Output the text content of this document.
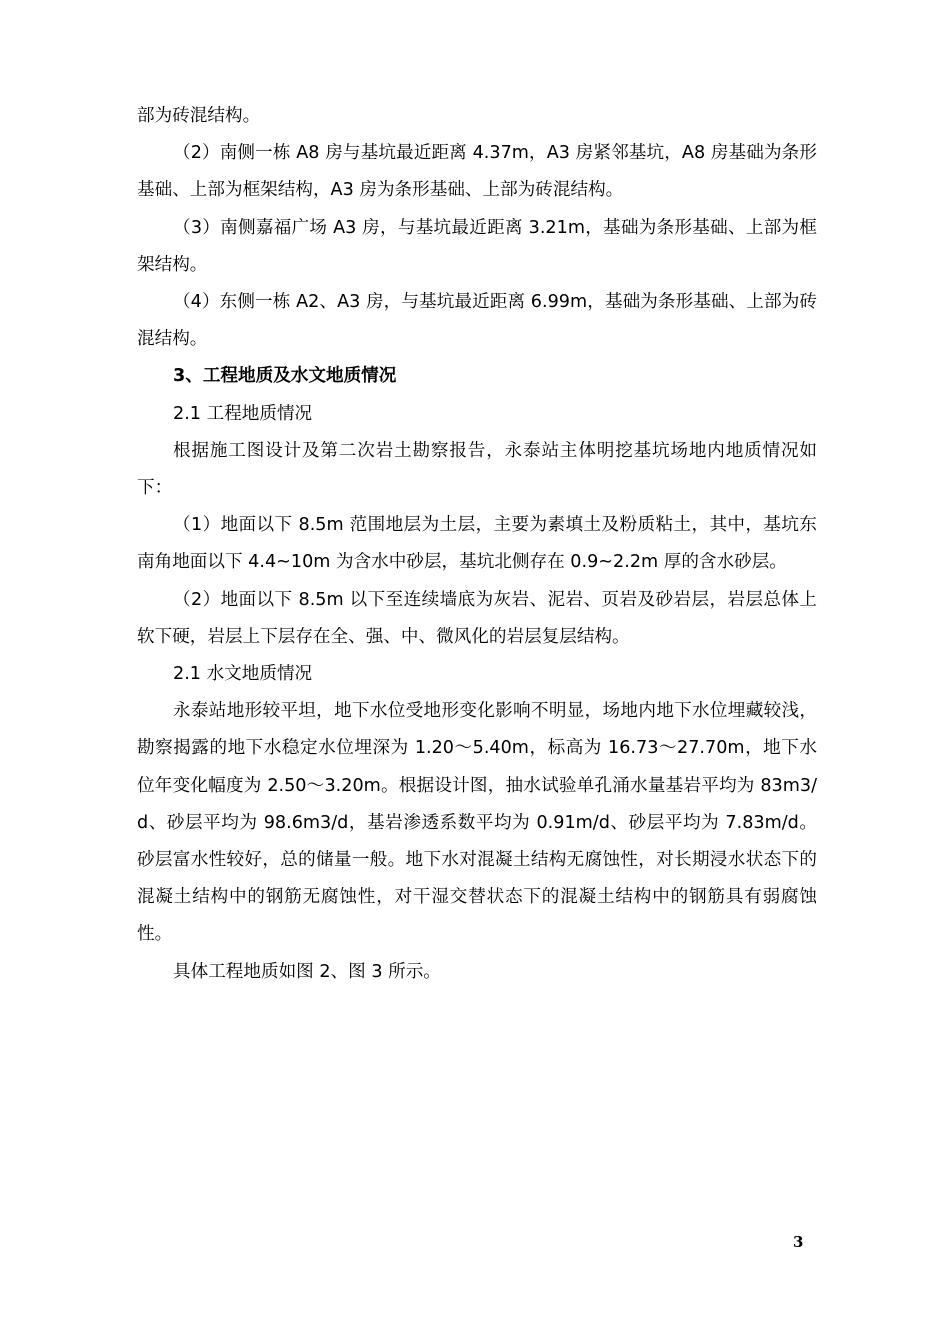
部为砖混结构。

（2）南侧一栋 A8 房与基坑最近距离 4.37m，A3 房紧邻基坑，A8 房基础为条形基础、上部为框架结构，A3 房为条形基础、上部为砖混结构。

（3）南侧嘉福广场 A3 房，与基坑最近距离 3.21m，基础为条形基础、上部为框架结构。

（4）东侧一栋 A2、A3 房，与基坑最近距离 6.99m，基础为条形基础、上部为砖混结构。

3、工程地质及水文地质情况

2.1 工程地质情况

根据施工图设计及第二次岩土勘察报告，永泰站主体明挖基坑场地内地质情况如下：

（1）地面以下 8.5m 范围地层为土层，主要为素填土及粉质粘土，其中，基坑东南角地面以下 4.4~10m 为含水中砂层，基坑北侧存在 0.9~2.2m 厚的含水砂层。

（2）地面以下 8.5m 以下至连续墙底为灰岩、泥岩、页岩及砂岩层，岩层总体上软下硬，岩层上下层存在全、强、中、微风化的岩层复层结构。

2.1 水文地质情况

永泰站地形较平坦，地下水位受地形变化影响不明显，场地内地下水位埋藏较浅，勘察揭露的地下水稳定水位埋深为 1.20～5.40m，标高为 16.73～27.70m，地下水位年变化幅度为 2.50～3.20m。根据设计图，抽水试验单孔涌水量基岩平均为 83m3/d、砂层平均为 98.6m3/d，基岩渗透系数平均为 0.91m/d、砂层平均为 7.83m/d。砂层富水性较好，总的储量一般。地下水对混凝土结构无腐蚀性，对长期浸水状态下的混凝土结构中的钢筋无腐蚀性，对干湿交替状态下的混凝土结构中的钢筋具有弱腐蚀性。

具体工程地质如图 2、图 3 所示。

3
